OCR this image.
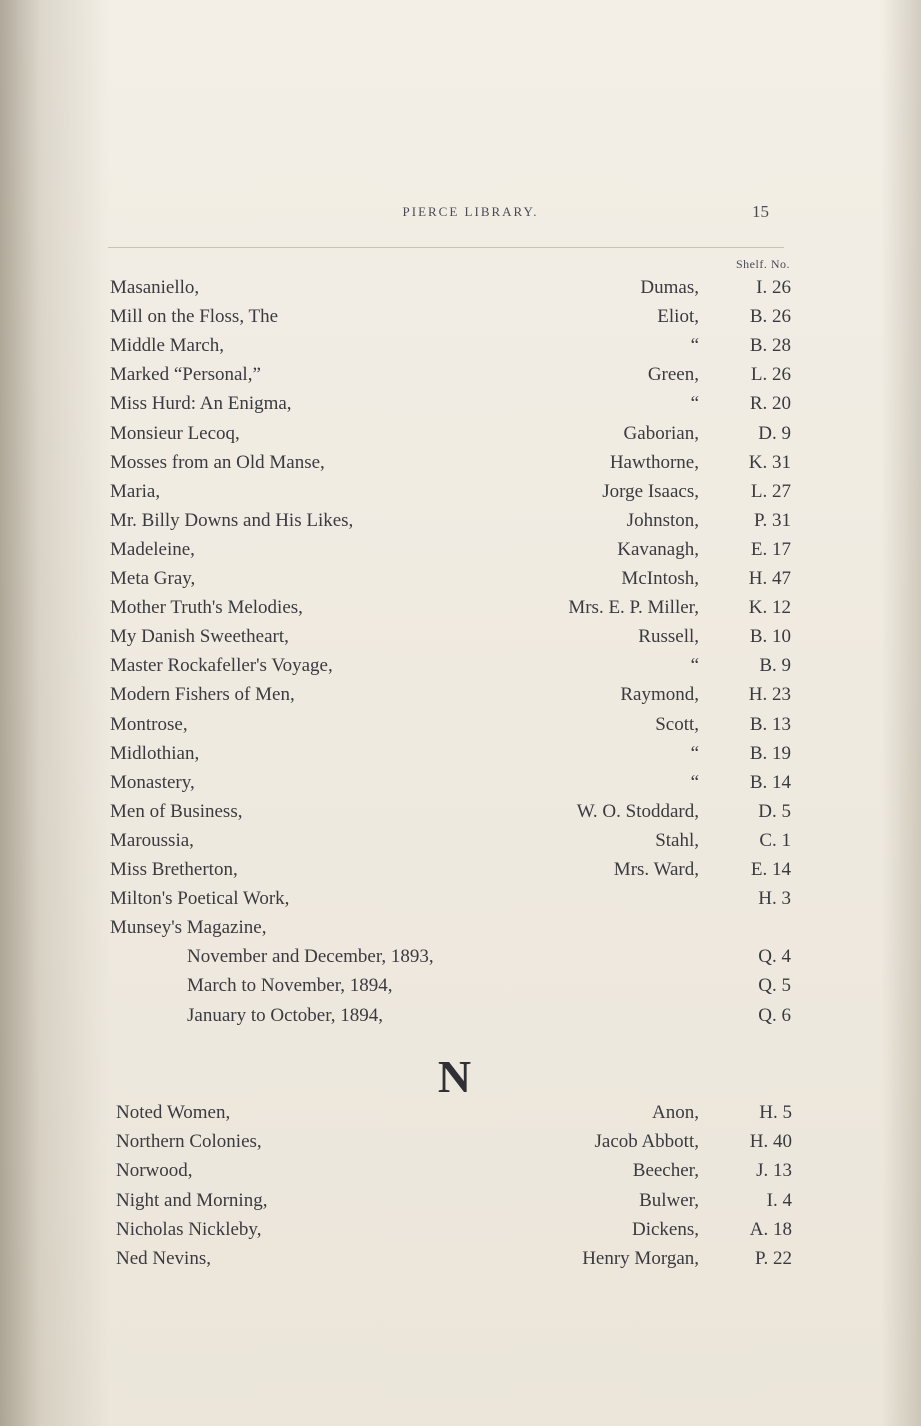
PIERCE LIBRARY.	15
Shelf. No.
Masaniello,	Dumas,	I. 26
Mill on the Floss, The	Eliot,	B. 26
Middle March,	“	B. 28
Marked “Personal,”	Green,	L. 26
Miss Hurd: An Enigma,	“	R. 20
Monsieur Lecoq,	Gaborian,	D. 9
Mosses from an Old Manse,	Hawthorne,	K. 31
Maria,	Jorge Isaacs,	L. 27
Mr. Billy Downs and His Likes,	Johnston,	P. 31
Madeleine,	Kavanagh,	E. 17
Meta Gray,	McIntosh,	H. 47
Mother Truth's Melodies,	Mrs. E. P. Miller,	K. 12
My Danish Sweetheart,	Russell,	B. 10
Master Rockafeller's Voyage,	“	B. 9
Modern Fishers of Men,	Raymond,	H. 23
Montrose,	Scott,	B. 13
Midlothian,	“	B. 19
Monastery,	“	B. 14
Men of Business,	W. O. Stoddard,	D. 5
Maroussia,	Stahl,	C. 1
Miss Bretherton,	Mrs. Ward,	E. 14
Milton's Poetical Work,	H. 3
Munsey's Magazine,
November and December, 1893,	Q. 4
March to November, 1894,	Q. 5
January to October, 1894,	Q. 6
N
Noted Women,	Anon,	H. 5
Northern Colonies,	Jacob Abbott,	H. 40
Norwood,	Beecher,	J. 13
Night and Morning,	Bulwer,	I. 4
Nicholas Nickleby,	Dickens,	A. 18
Ned Nevins,	Henry Morgan,	P. 22
